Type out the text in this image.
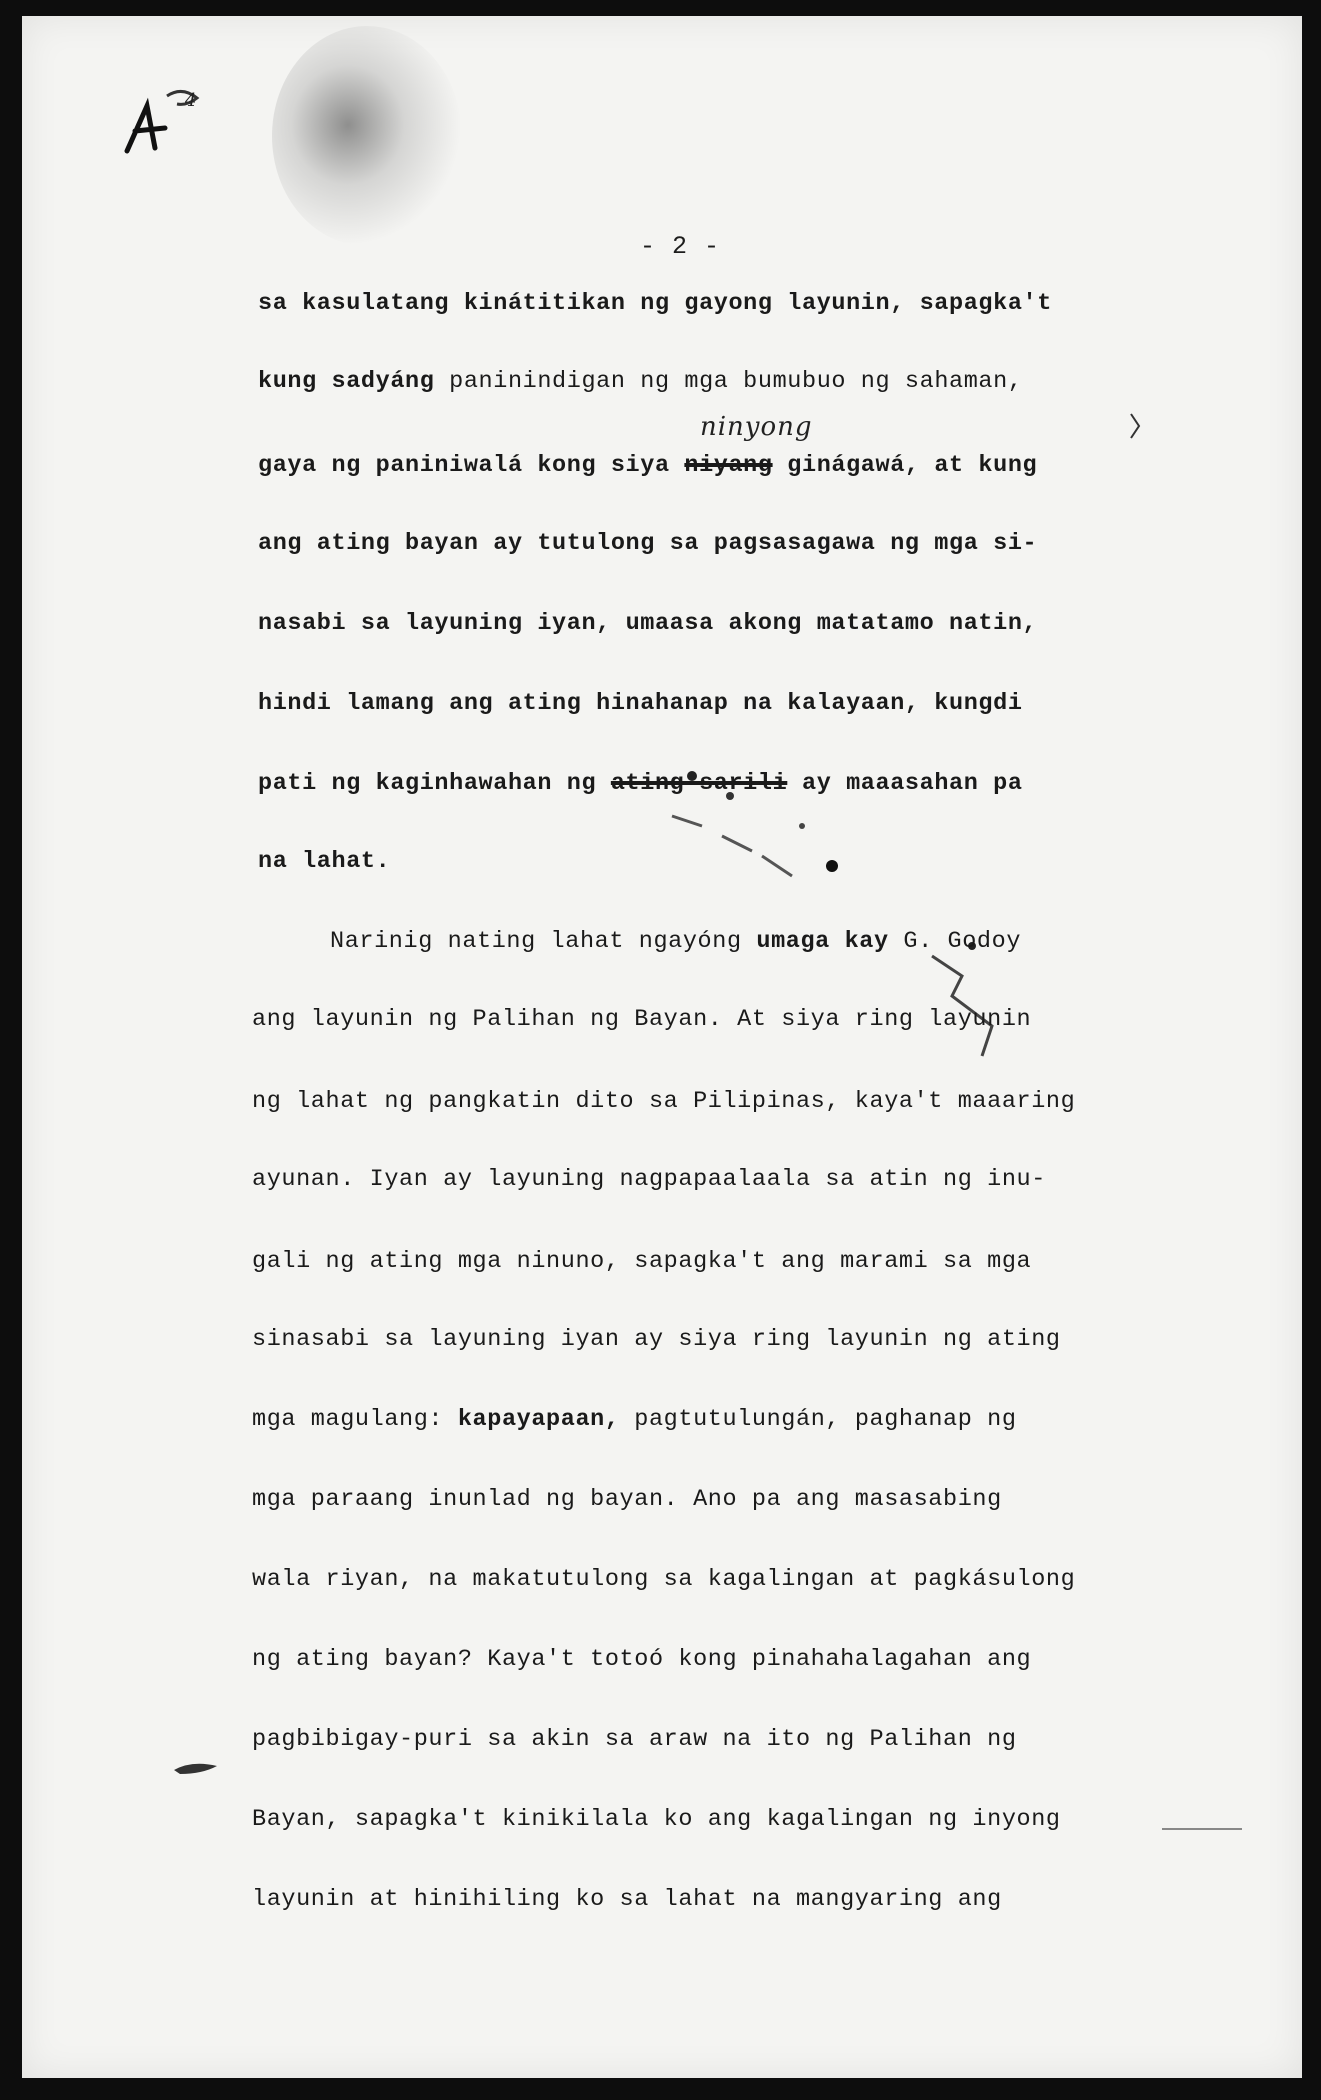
4
- 2 -
ninyong
sa kasulatang kinátitikan ng gayong layunin, sapagka't
kung sadyáng paninindigan ng mga bumubuo ng sahaman,
gaya ng paniniwalá kong siya niyang ginágawá, at kung
ang ating bayan ay tutulong sa pagsasagawa ng mga si-
nasabi sa layuning iyan, umaasa akong matatamo natin,
hindi lamang ang ating hinahanap na kalayaan, kungdi
pati ng kaginhawahan ng ating sarili ay maaasahan pa
na lahat.
Narinig nating lahat ngayóng umaga kay G. Godoy
ang layunin ng Palihan ng Bayan. At siya ring layunin
ng lahat ng pangkatin dito sa Pilipinas, kaya't maaaring
ayunan. Iyan ay layuning nagpapaalaala sa atin ng inu-
gali ng ating mga ninuno, sapagka't ang marami sa mga
sinasabi sa layuning iyan ay siya ring layunin ng ating
mga magulang: kapayapaan, pagtutulungán, paghanap ng
mga paraang inunlad ng bayan. Ano pa ang masasabing
wala riyan, na makatutulong sa kagalingan at pagkásulong
ng ating bayan? Kaya't totoó kong pinahahalagahan ang
pagbibigay-puri sa akin sa araw na ito ng Palihan ng
Bayan, sapagka't kinikilala ko ang kagalingan ng inyong
layunin at hinihiling ko sa lahat na mangyaring ang
